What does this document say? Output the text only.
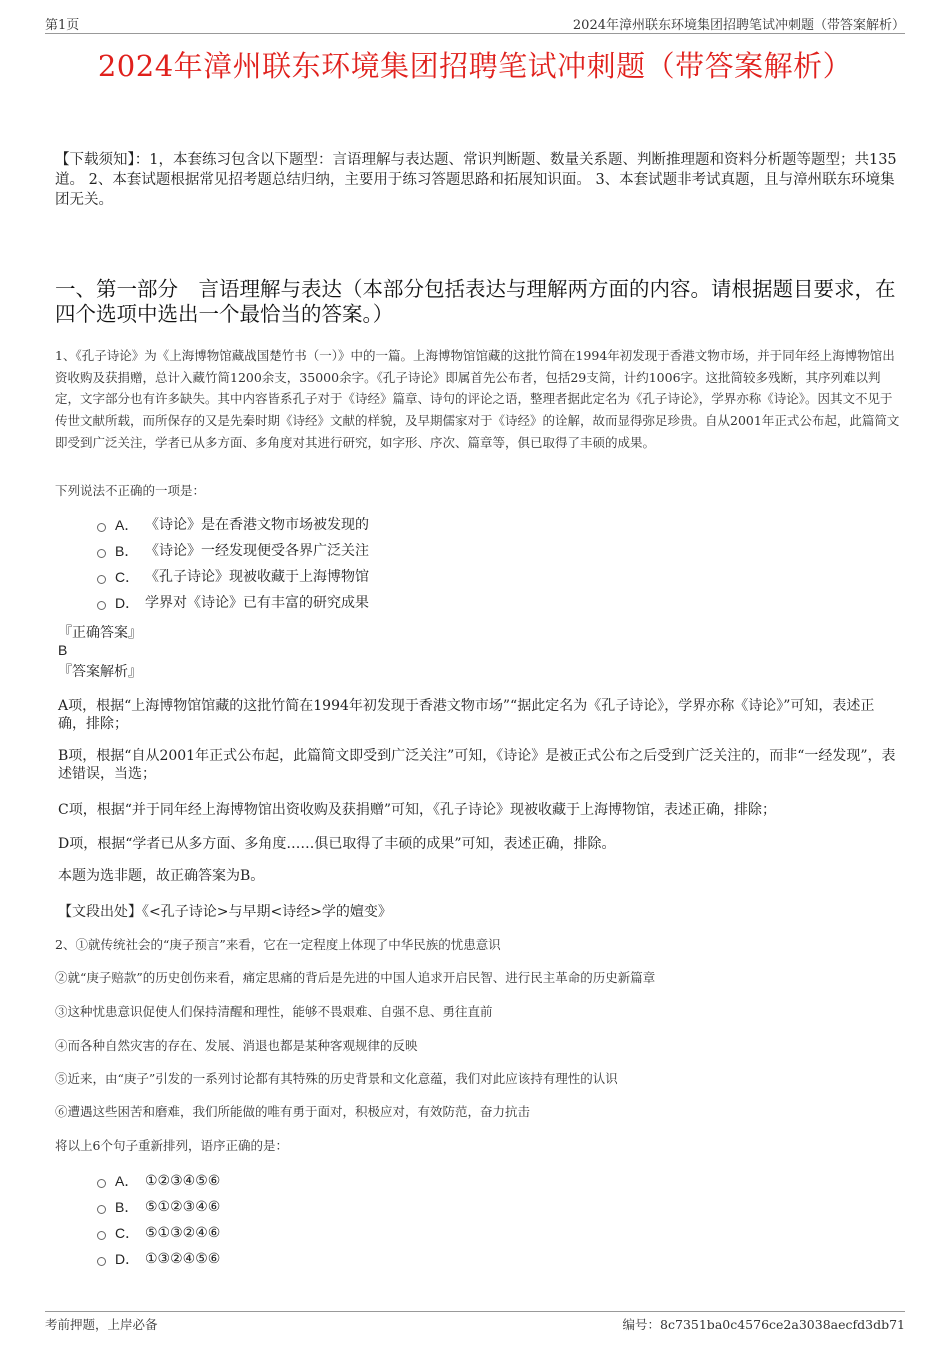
第1页	2024年漳州联东环境集团招聘笔试冲刺题（带答案解析）
2024年漳州联东环境集团招聘笔试冲刺题（带答案解析）
【下载须知】：1，本套练习包含以下题型：言语理解与表达题、常识判断题、数量关系题、判断推理题和资料分析题等题型；共135道。 2、本套试题根据常见招考题总结归纳，主要用于练习答题思路和拓展知识面。 3、本套试题非考试真题，且与漳州联东环境集团无关。
一、第一部分　言语理解与表达（本部分包括表达与理解两方面的内容。请根据题目要求，在四个选项中选出一个最恰当的答案。）
1、《孔子诗论》为《上海博物馆藏战国楚竹书（一）》中的一篇。上海博物馆馆藏的这批竹简在1994年初发现于香港文物市场，并于同年经上海博物馆出资收购及获捐赠，总计入藏竹简1200余支，35000余字。《孔子诗论》即属首先公布者，包括29支简，计约1006字。这批简较多残断，其序列难以判定，文字部分也有许多缺失。其中内容皆系孔子对于《诗经》篇章、诗句的评论之语，整理者据此定名为《孔子诗论》，学界亦称《诗论》。因其文不见于传世文献所载，而所保存的又是先秦时期《诗经》文献的样貌，及早期儒家对于《诗经》的诠解，故而显得弥足珍贵。自从2001年正式公布起，此篇简文即受到广泛关注，学者已从多方面、多角度对其进行研究，如字形、序次、篇章等，俱已取得了丰硕的成果。
下列说法不正确的一项是：
A． 《诗论》是在香港文物市场被发现的
B． 《诗论》一经发现便受各界广泛关注
C． 《孔子诗论》现被收藏于上海博物馆
D． 学界对《诗论》已有丰富的研究成果
『正确答案』
B
『答案解析』
A项，根据“上海博物馆馆藏的这批竹简在1994年初发现于香港文物市场”“据此定名为《孔子诗论》，学界亦称《诗论》”可知，表述正确，排除；
B项，根据“自从2001年正式公布起，此篇简文即受到广泛关注”可知，《诗论》是被正式公布之后受到广泛关注的，而非“一经发现”，表述错误，当选；
C项，根据“并于同年经上海博物馆出资收购及获捐赠”可知，《孔子诗论》现被收藏于上海博物馆，表述正确，排除；
D项，根据“学者已从多方面、多角度……俱已取得了丰硕的成果”可知，表述正确，排除。
本题为选非题，故正确答案为B。
【文段出处】《<孔子诗论>与早期<诗经>学的嬗变》
2、①就传统社会的“庚子预言”来看，它在一定程度上体现了中华民族的忧患意识
②就“庚子赔款”的历史创伤来看，痛定思痛的背后是先进的中国人追求开启民智、进行民主革命的历史新篇章
③这种忧患意识促使人们保持清醒和理性，能够不畏艰难、自强不息、勇往直前
④而各种自然灾害的存在、发展、消退也都是某种客观规律的反映
⑤近来，由“庚子”引发的一系列讨论都有其特殊的历史背景和文化意蕴，我们对此应该持有理性的认识
⑥遭遇这些困苦和磨难，我们所能做的唯有勇于面对，积极应对，有效防范，奋力抗击
将以上6个句子重新排列，语序正确的是：
A． ①②③④⑤⑥
B． ⑤①②③④⑥
C． ⑤①③②④⑥
D． ①③②④⑤⑥
考前押题，上岸必备	编号：8c7351ba0c4576ce2a3038aecfd3db71
